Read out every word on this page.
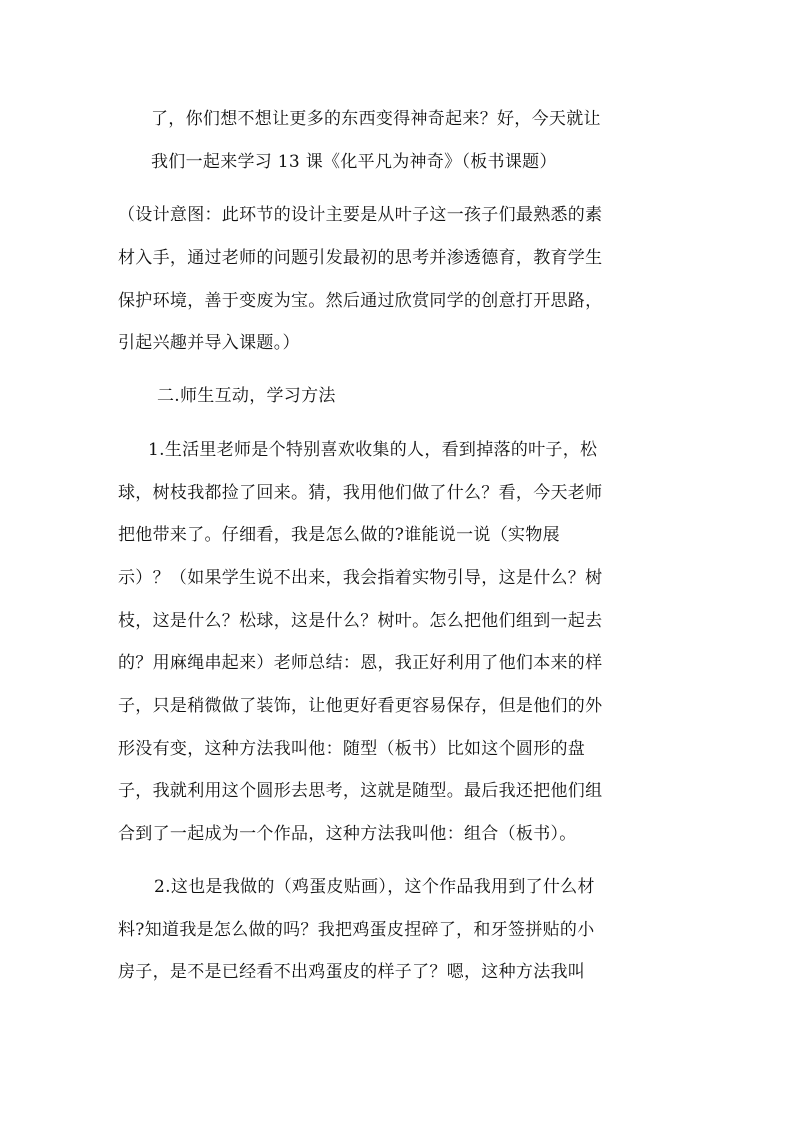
了，你们想不想让更多的东西变得神奇起来？好，今天就让
我们一起来学习 13 课《化平凡为神奇》（板书课题）
（设计意图：此环节的设计主要是从叶子这一孩子们最熟悉的素
材入手，通过老师的问题引发最初的思考并渗透德育，教育学生
保护环境，善于变废为宝。然后通过欣赏同学的创意打开思路，
引起兴趣并导入课题。）
二.师生互动，学习方法
1.生活里老师是个特别喜欢收集的人，看到掉落的叶子，松
球，树枝我都捡了回来。猜，我用他们做了什么？看，今天老师
把他带来了。仔细看，我是怎么做的?谁能说一说（实物展
示）？（如果学生说不出来，我会指着实物引导，这是什么？树
枝，这是什么？松球，这是什么？树叶。怎么把他们组到一起去
的？用麻绳串起来）老师总结：恩，我正好利用了他们本来的样
子，只是稍微做了装饰，让他更好看更容易保存，但是他们的外
形没有变，这种方法我叫他：随型（板书）比如这个圆形的盘
子，我就利用这个圆形去思考，这就是随型。最后我还把他们组
合到了一起成为一个作品，这种方法我叫他：组合（板书）。
2.这也是我做的（鸡蛋皮贴画），这个作品我用到了什么材
料?知道我是怎么做的吗？我把鸡蛋皮捏碎了，和牙签拼贴的小
房子，是不是已经看不出鸡蛋皮的样子了？嗯，这种方法我叫
